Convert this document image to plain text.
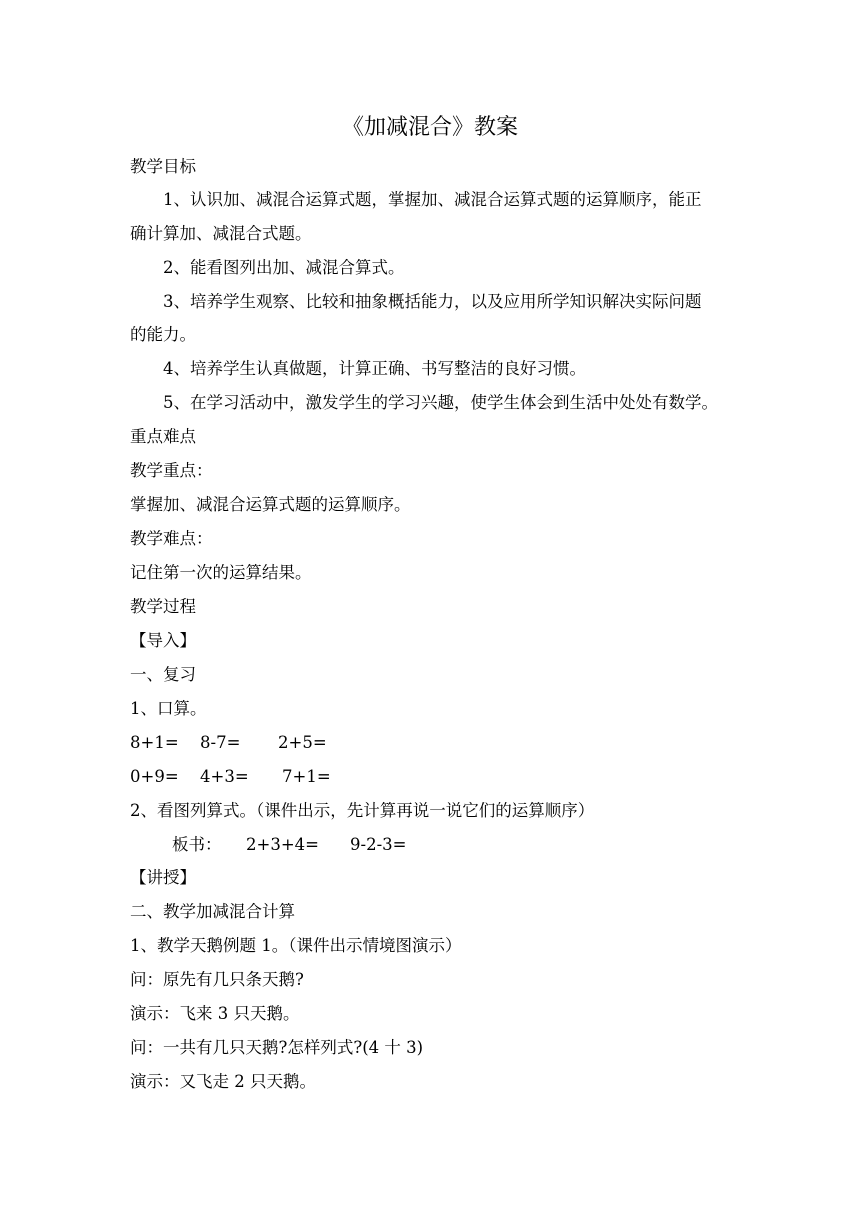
《加减混合》教案
教学目标
1、认识加、减混合运算式题，掌握加、减混合运算式题的运算顺序，能正
确计算加、减混合式题。
2、能看图列出加、减混合算式。
3、培养学生观察、比较和抽象概括能力，以及应用所学知识解决实际问题
的能力。
4、培养学生认真做题，计算正确、书写整洁的良好习惯。
5、在学习活动中，激发学生的学习兴趣，使学生体会到生活中处处有数学。
重点难点
教学重点：
掌握加、减混合运算式题的运算顺序。
教学难点：
记住第一次的运算结果。
教学过程
【导入】
一、复习
1、口算。
8+1= 8-7= 2+5=
0+9= 4+3= 7+1=
2、看图列算式。（课件出示，先计算再说一说它们的运算顺序）
板书： 2+3+4= 9-2-3=
【讲授】
二、教学加减混合计算
1、教学天鹅例题 1。（课件出示情境图演示）
问：原先有几只条天鹅?
演示：飞来 3 只天鹅。
问：一共有几只天鹅?怎样列式?(4 十 3)
演示：又飞走 2 只天鹅。
